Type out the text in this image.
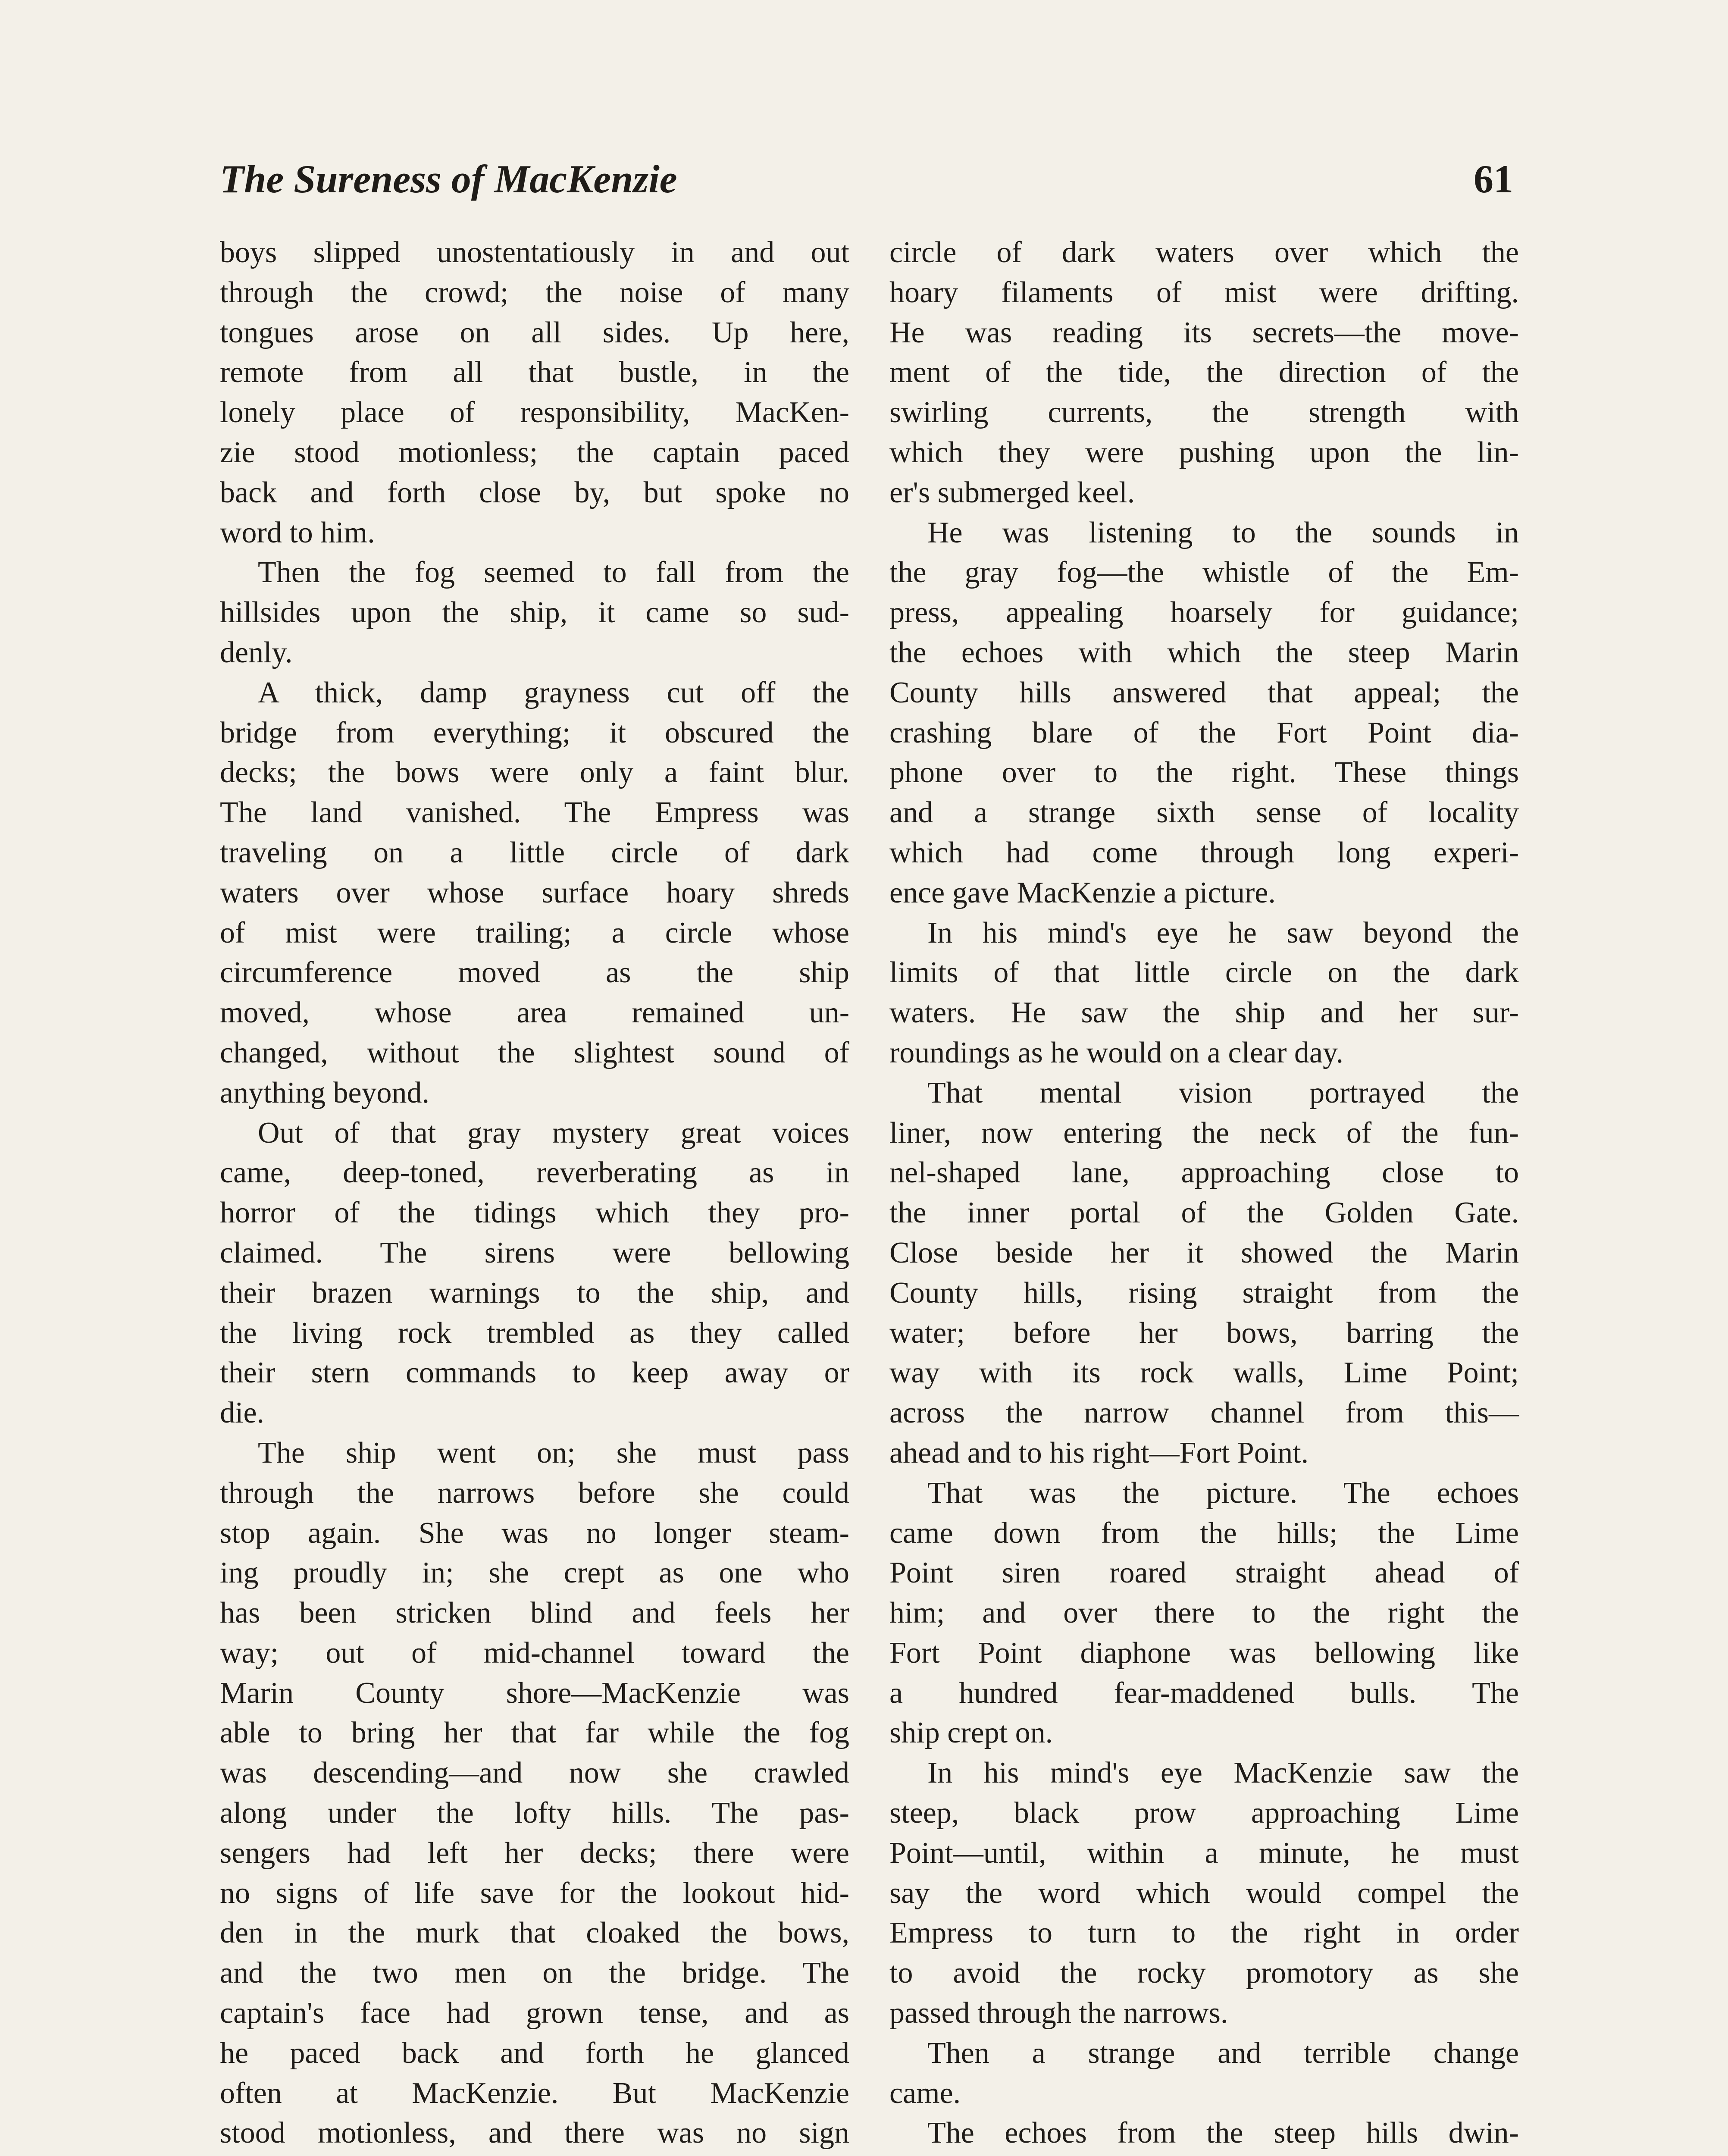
The Sureness of MacKenzie	61
boys slipped unostentatiously in and out
through the crowd; the noise of many
tongues arose on all sides. Up here,
remote from all that bustle, in the
lonely place of responsibility, MacKen-
zie stood motionless; the captain paced
back and forth close by, but spoke no
word to him.
Then the fog seemed to fall from the
hillsides upon the ship, it came so sud-
denly.
A thick, damp grayness cut off the
bridge from everything; it obscured the
decks; the bows were only a faint blur.
The land vanished. The Empress was
traveling on a little circle of dark
waters over whose surface hoary shreds
of mist were trailing; a circle whose
circumference moved as the ship
moved, whose area remained un-
changed, without the slightest sound of
anything beyond.
Out of that gray mystery great voices
came, deep-toned, reverberating as in
horror of the tidings which they pro-
claimed. The sirens were bellowing
their brazen warnings to the ship, and
the living rock trembled as they called
their stern commands to keep away or
die.
The ship went on; she must pass
through the narrows before she could
stop again. She was no longer steam-
ing proudly in; she crept as one who
has been stricken blind and feels her
way; out of mid-channel toward the
Marin County shore—MacKenzie was
able to bring her that far while the fog
was descending—and now she crawled
along under the lofty hills. The pas-
sengers had left her decks; there were
no signs of life save for the lookout hid-
den in the murk that cloaked the bows,
and the two men on the bridge. The
captain's face had grown tense, and as
he paced back and forth he glanced
often at MacKenzie. But MacKenzie
stood motionless, and there was no sign
circle of dark waters over which the
hoary filaments of mist were drifting.
He was reading its secrets—the move-
ment of the tide, the direction of the
swirling currents, the strength with
which they were pushing upon the lin-
er's submerged keel.
He was listening to the sounds in
the gray fog—the whistle of the Em-
press, appealing hoarsely for guidance;
the echoes with which the steep Marin
County hills answered that appeal; the
crashing blare of the Fort Point dia-
phone over to the right. These things
and a strange sixth sense of locality
which had come through long experi-
ence gave MacKenzie a picture.
In his mind's eye he saw beyond the
limits of that little circle on the dark
waters. He saw the ship and her sur-
roundings as he would on a clear day.
That mental vision portrayed the
liner, now entering the neck of the fun-
nel-shaped lane, approaching close to
the inner portal of the Golden Gate.
Close beside her it showed the Marin
County hills, rising straight from the
water; before her bows, barring the
way with its rock walls, Lime Point;
across the narrow channel from this—
ahead and to his right—Fort Point.
That was the picture. The echoes
came down from the hills; the Lime
Point siren roared straight ahead of
him; and over there to the right the
Fort Point diaphone was bellowing like
a hundred fear-maddened bulls. The
ship crept on.
In his mind's eye MacKenzie saw the
steep, black prow approaching Lime
Point—until, within a minute, he must
say the word which would compel the
Empress to turn to the right in order
to avoid the rocky promotory as she
passed through the narrows.
Then a strange and terrible change
came.
The echoes from the steep hills dwin-
